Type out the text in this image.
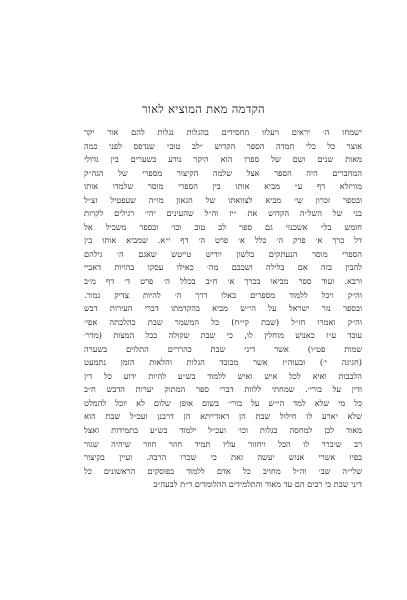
הקדמה מאת המוציא לאור
ישמחו ה׳ יראים ויעלזו החסידים בהגלות נגלות להם אור יקר
אוצר כל כלי חמדה הספר הקדוש ״לב טוב״ שנדפס לפני כמה
מאות שנים ושם של ספרו הוא היקר נודע בשערים בין גדולי
המחברים היה הספר אצל שלמה הקיצור מספרי של הגה״ק
מוויזלא דף ע״ מביא אותו בין הספרי מוסר שלמדו אותו
ובספר זכרון ש״ מביא לצוואתו של הגאון מו״ה שעפטיל זצ״ל
בני של השל״ה הקדוש את ״יז וה״ל שהעינים יהי׳ רגילים לקרות
חומש בל״ אשכנזי גם ספר לב טוב וכו׳ ובספר משכיל אל
דל כרך א׳ פרק ה׳ כלל א׳ פרט ה׳ דף י״א. שמביא אותו בין
הספרי מוסר הנעתקים בלשון יודיש טייטש שאגם ה׳ גילהם
להבין בזה אם בלילה ושכבם מה׳ כאילו עסקו בהויות דאביי
ורבא. ועוד ספר מביאו בכרך א׳ ח״ב בכלל ה׳ פרט ד׳ דף מ״ב
וה״ק ויכל ללמוד מספרים כאלו דרך ה׳ להיות צדיק גמור.
ובספר נזר ישראל על הי״ש מביא בהקדמתו דברי העירות דבש
וה״ק ואמרו חז״ל (שבת קי״ח) כל המשמר שבת כהלכתה אפי׳
עובד ע״ז כאנוש מוחלין לו, כי שבת שקולה ככל המצות (מדר׳
שמות פט״ו) אשר דיני שבת כהררים התלוים בשערה
(חגיגה י׳) ובעוה״ז אשר מכובד הגלות והלאות הזמן נתמעט
הלבבות ואיא לכל איש ואיש ללמוד בש״ע להיות ידוע כל דין
ודין על בורי׳. שמחתי ללוות דברי ספר המתוק יערות הדבש ח״ב
כל מי שלא למד הי״ש על בורי׳ בשום אופן שלום לא יוכל להמלט
שלא יארע לו חילול שבת הן דאורייתא הן דרבנן ועכ״ל שבת הוא
מאוד לכן למחסה בגלות וכו׳ ועכ״ל ילמוד בש״ע בתמידות ואצל
רב שיברר לו הכל ויחזור עליו תמיד חוזר חוזר שיהיה שגור
בפיו אשרי אנוש יעשה זאת כי שכרו הרבה. ועיין בקיצור
שלי״ה שב׳ וה״ל מחויב כל אדם ללמוד בפוסקים הראשונים כל
דיני שבת כי רבים הם עד מאוד והתלמידים ההלומדים ד״ת לבעה״ב
